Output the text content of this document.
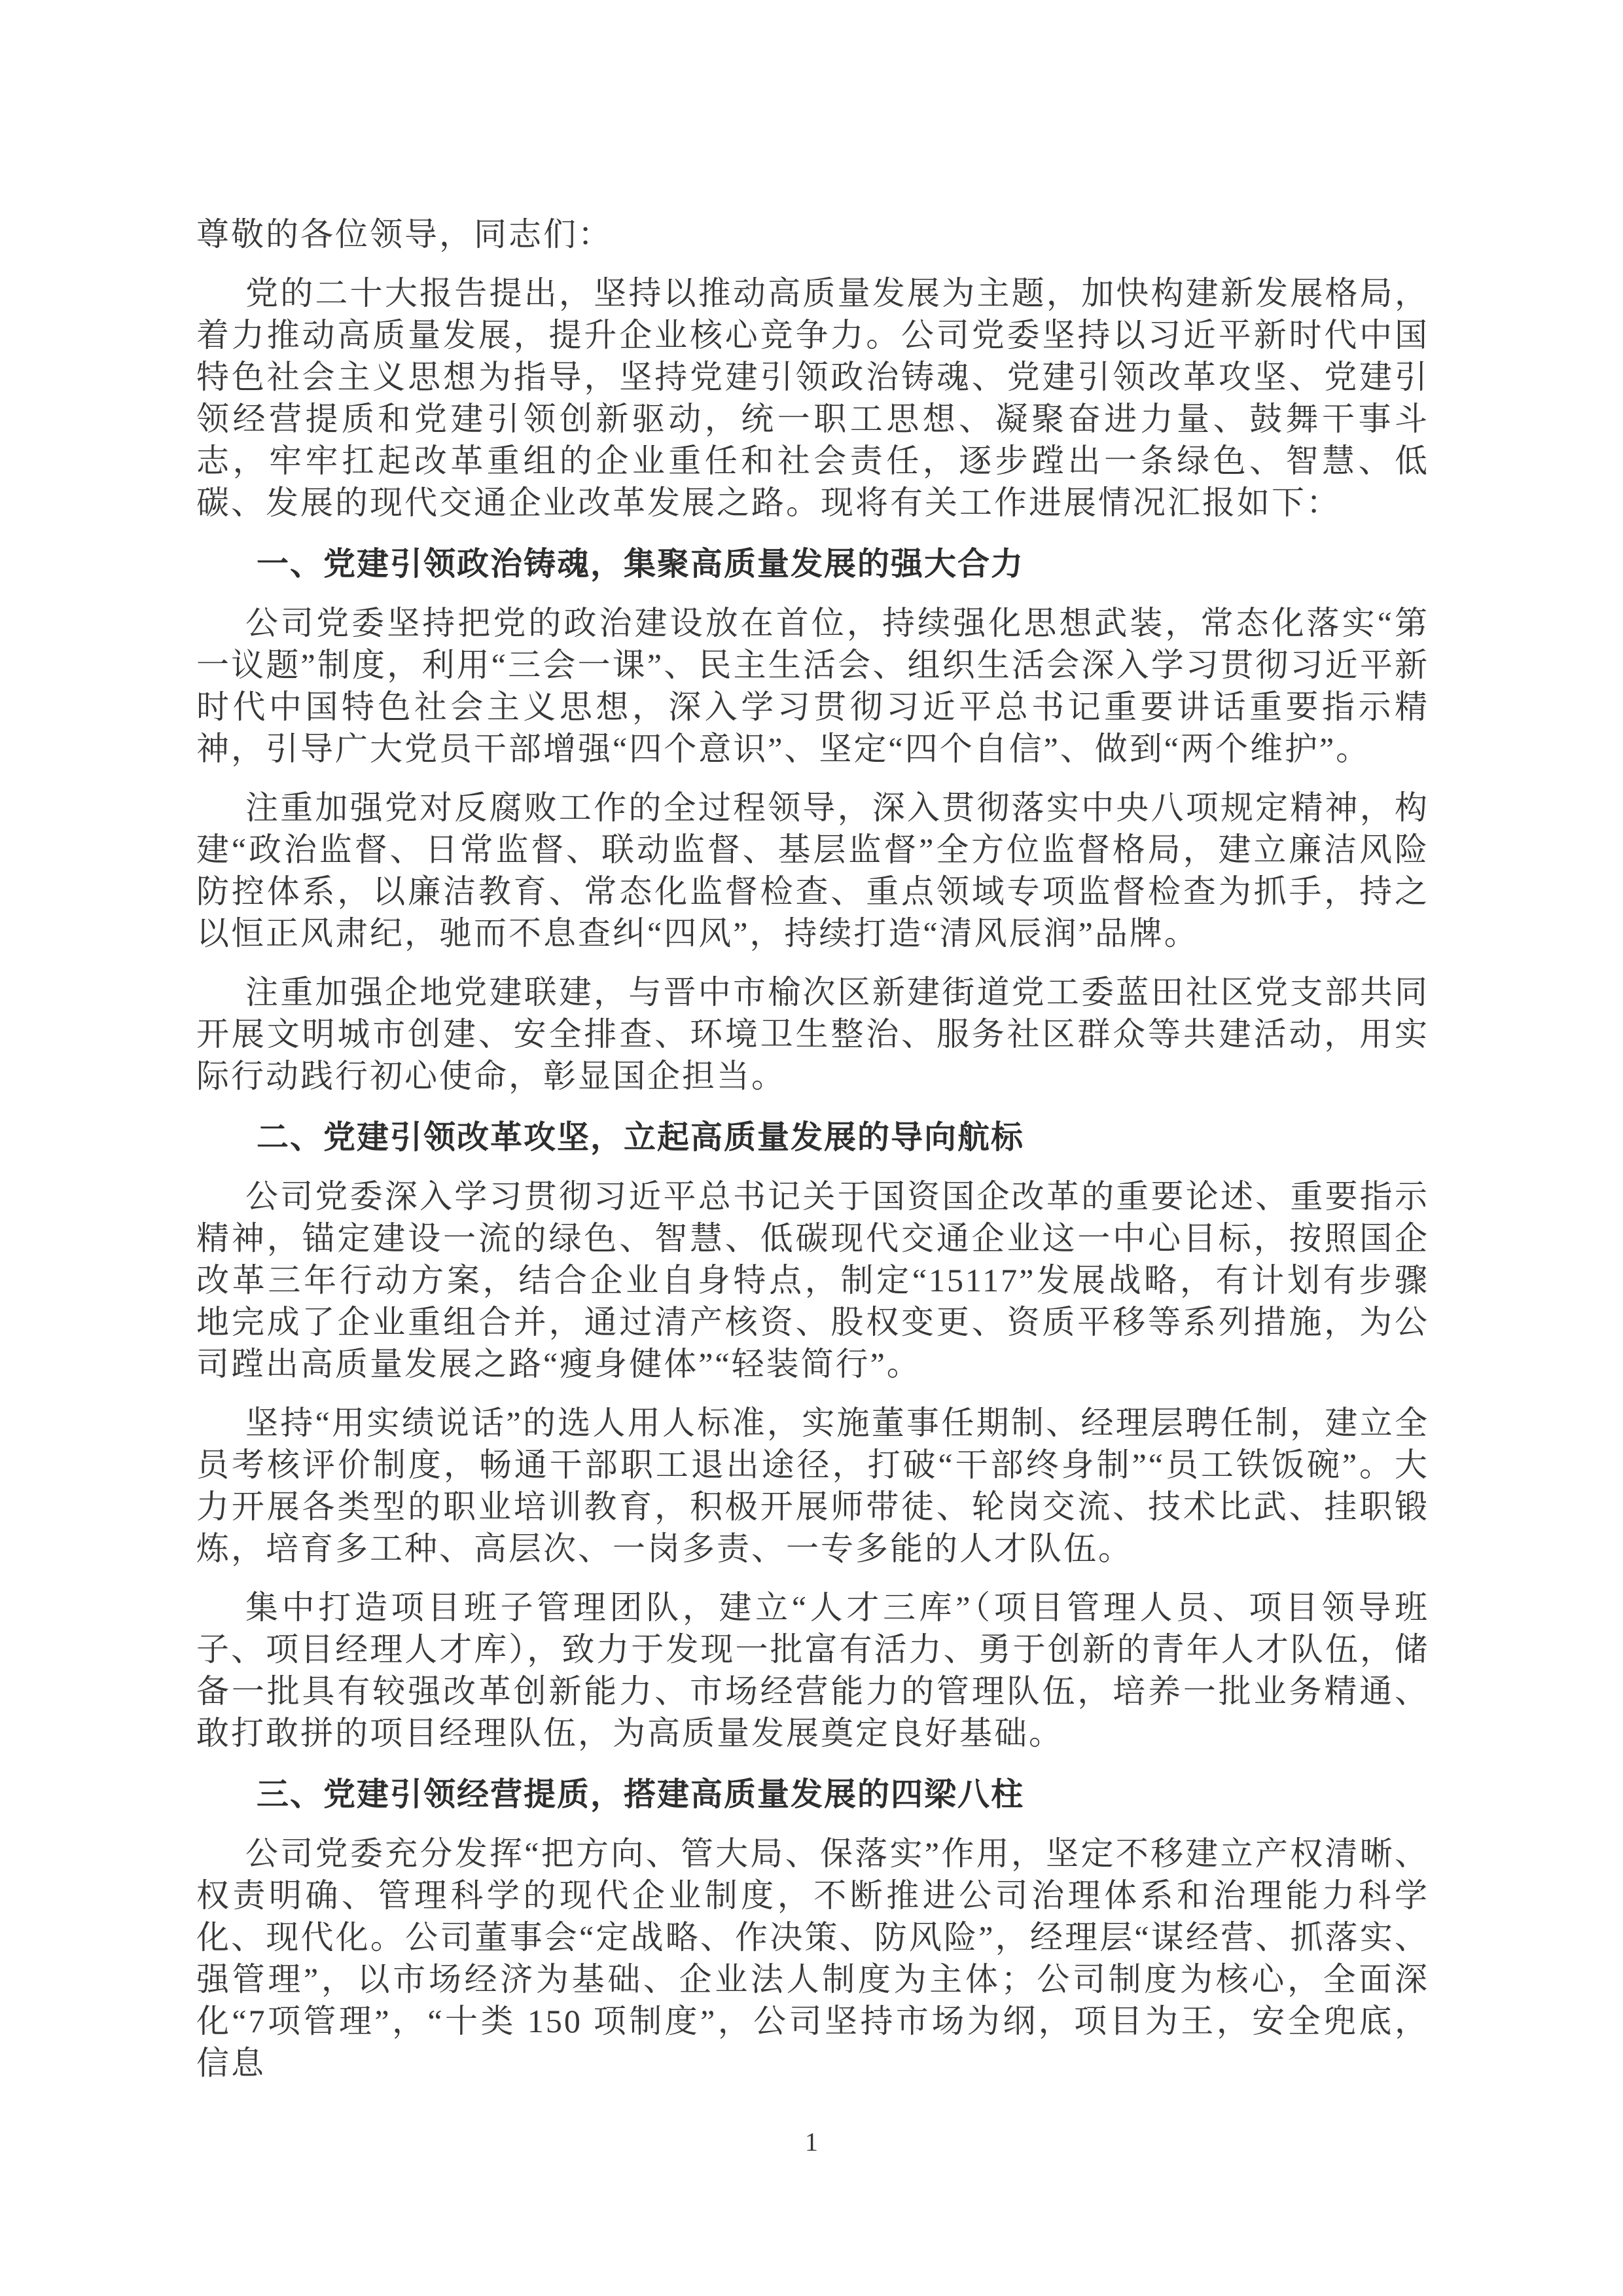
尊敬的各位领导，同志们：

党的二十大报告提出，坚持以推动高质量发展为主题，加快构建新发展格局，着力推动高质量发展，提升企业核心竞争力。公司党委坚持以习近平新时代中国特色社会主义思想为指导，坚持党建引领政治铸魂、党建引领改革攻坚、党建引领经营提质和党建引领创新驱动，统一职工思想、凝聚奋进力量、鼓舞干事斗志，牢牢扛起改革重组的企业重任和社会责任，逐步蹚出一条绿色、智慧、低碳、发展的现代交通企业改革发展之路。现将有关工作进展情况汇报如下：

一、党建引领政治铸魂，集聚高质量发展的强大合力

公司党委坚持把党的政治建设放在首位，持续强化思想武装，常态化落实“第一议题”制度，利用“三会一课”、民主生活会、组织生活会深入学习贯彻习近平新时代中国特色社会主义思想，深入学习贯彻习近平总书记重要讲话重要指示精神，引导广大党员干部增强“四个意识”、坚定“四个自信”、做到“两个维护”。

注重加强党对反腐败工作的全过程领导，深入贯彻落实中央八项规定精神，构建“政治监督、日常监督、联动监督、基层监督”全方位监督格局，建立廉洁风险防控体系，以廉洁教育、常态化监督检查、重点领域专项监督检查为抓手，持之以恒正风肃纪，驰而不息查纠“四风”，持续打造“清风辰润”品牌。

注重加强企地党建联建，与晋中市榆次区新建街道党工委蓝田社区党支部共同开展文明城市创建、安全排查、环境卫生整治、服务社区群众等共建活动，用实际行动践行初心使命，彰显国企担当。

二、党建引领改革攻坚，立起高质量发展的导向航标

公司党委深入学习贯彻习近平总书记关于国资国企改革的重要论述、重要指示精神，锚定建设一流的绿色、智慧、低碳现代交通企业这一中心目标，按照国企改革三年行动方案，结合企业自身特点，制定“15117”发展战略，有计划有步骤地完成了企业重组合并，通过清产核资、股权变更、资质平移等系列措施，为公司蹚出高质量发展之路“瘦身健体”“轻装简行”。

坚持“用实绩说话”的选人用人标准，实施董事任期制、经理层聘任制，建立全员考核评价制度，畅通干部职工退出途径，打破“干部终身制”“员工铁饭碗”。大力开展各类型的职业培训教育，积极开展师带徒、轮岗交流、技术比武、挂职锻炼，培育多工种、高层次、一岗多责、一专多能的人才队伍。

集中打造项目班子管理团队，建立“人才三库”（项目管理人员、项目领导班子、项目经理人才库），致力于发现一批富有活力、勇于创新的青年人才队伍，储备一批具有较强改革创新能力、市场经营能力的管理队伍，培养一批业务精通、敢打敢拼的项目经理队伍，为高质量发展奠定良好基础。

三、党建引领经营提质，搭建高质量发展的四梁八柱

公司党委充分发挥“把方向、管大局、保落实”作用，坚定不移建立产权清晰、权责明确、管理科学的现代企业制度，不断推进公司治理体系和治理能力科学化、现代化。公司董事会“定战略、作决策、防风险”，经理层“谋经营、抓落实、强管理”，以市场经济为基础、企业法人制度为主体；公司制度为核心，全面深化“7项管理”，“十类 150 项制度”，公司坚持市场为纲，项目为王，安全兜底，信息

1
